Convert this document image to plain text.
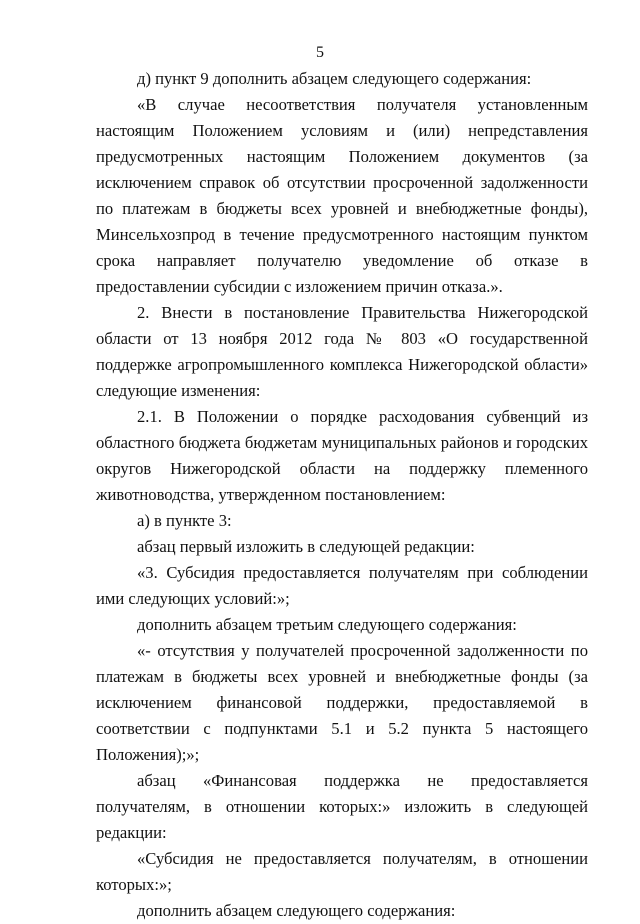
5

д) пункт 9 дополнить абзацем следующего содержания:

«В случае несоответствия получателя установленным настоящим Положением условиям и (или) непредставления предусмотренных настоящим Положением документов (за исключением справок об отсутствии просроченной задолженности по платежам в бюджеты всех уровней и внебюджетные фонды), Минсельхозпрод в течение предусмотренного настоящим пунктом срока направляет получателю уведомление об отказе в предоставлении субсидии с изложением причин отказа.».

2. Внести в постановление Правительства Нижегородской области от 13 ноября 2012 года № 803 «О государственной поддержке агропромышленного комплекса Нижегородской области» следующие изменения:

2.1. В Положении о порядке расходования субвенций из областного бюджета бюджетам муниципальных районов и городских округов Нижегородской области на поддержку племенного животноводства, утвержденном постановлением:

а) в пункте 3:

абзац первый изложить в следующей редакции:

«3. Субсидия предоставляется получателям при соблюдении ими следующих условий:»;

дополнить абзацем третьим следующего содержания:

«- отсутствия у получателей просроченной задолженности по платежам в бюджеты всех уровней и внебюджетные фонды (за исключением финансовой поддержки, предоставляемой в соответствии с подпунктами 5.1 и 5.2 пункта 5 настоящего Положения);»;

абзац «Финансовая поддержка не предоставляется получателям, в отношении которых:» изложить в следующей редакции:

«Субсидия не предоставляется получателям, в отношении которых:»;

дополнить абзацем следующего содержания:
